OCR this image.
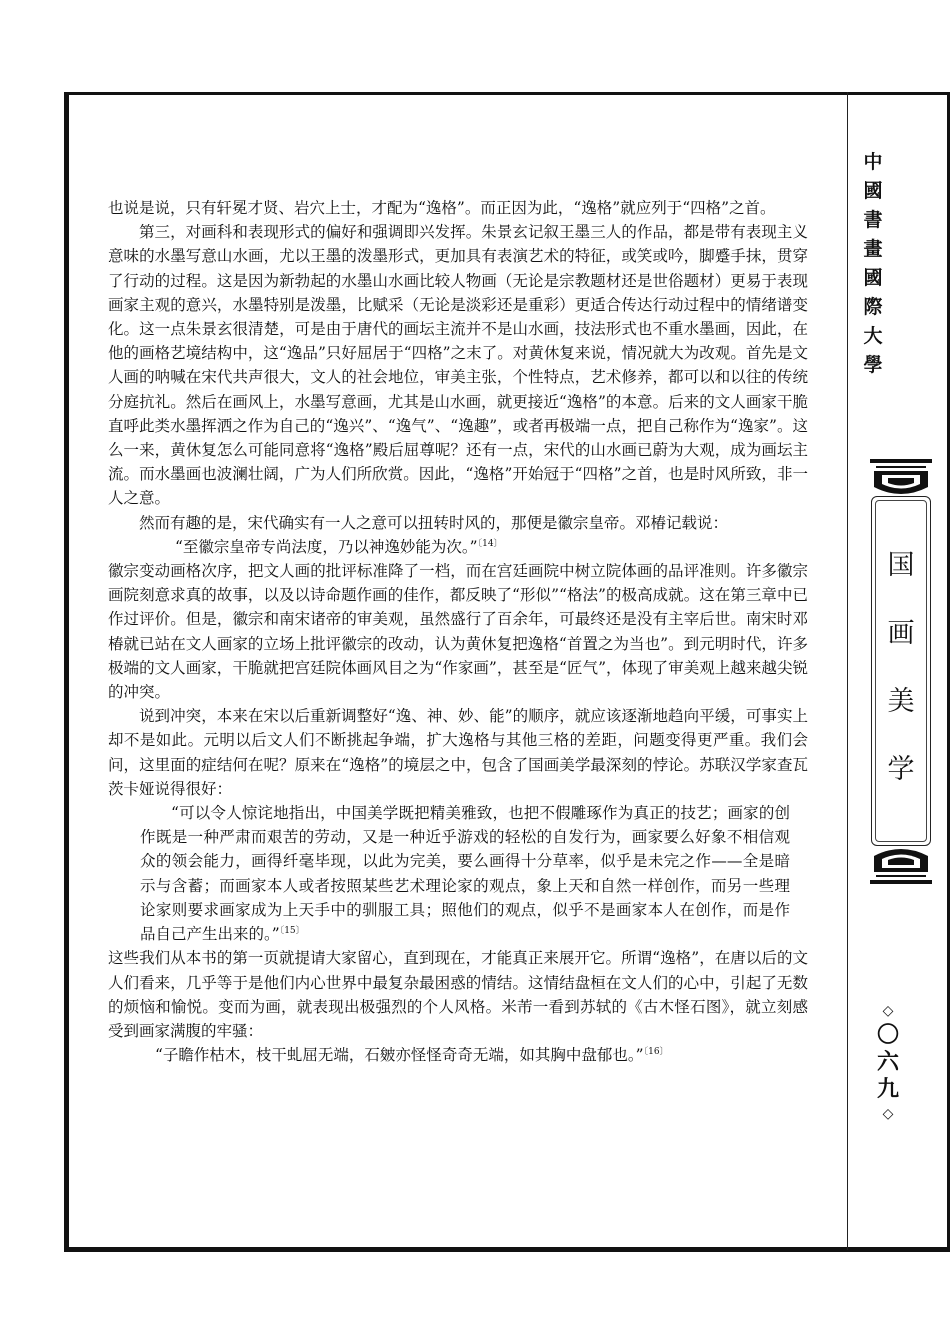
也说是说，只有轩冕才贤、岩穴上士，才配为“逸格”。而正因为此，“逸格”就应列于“四格”之首。

第三，对画科和表现形式的偏好和强调即兴发挥。朱景玄记叙王墨三人的作品，都是带有表现主义意味的水墨写意山水画，尤以王墨的泼墨形式，更加具有表演艺术的特征，或笑或吟，脚蹙手抹，贯穿了行动的过程。这是因为新勃起的水墨山水画比较人物画（无论是宗教题材还是世俗题材）更易于表现画家主观的意兴，水墨特别是泼墨，比赋采（无论是淡彩还是重彩）更适合传达行动过程中的情绪谱变化。这一点朱景玄很清楚，可是由于唐代的画坛主流并不是山水画，技法形式也不重水墨画，因此，在他的画格艺境结构中，这“逸品”只好屈居于“四格”之末了。对黄休复来说，情况就大为改观。首先是文人画的呐喊在宋代共声很大，文人的社会地位，审美主张，个性特点，艺术修养，都可以和以往的传统分庭抗礼。然后在画风上，水墨写意画，尤其是山水画，就更接近“逸格”的本意。后来的文人画家干脆直呼此类水墨挥洒之作为自己的“逸兴”、“逸气”、“逸趣”，或者再极端一点，把自己称作为“逸家”。这么一来，黄休复怎么可能同意将“逸格”殿后屈尊呢？还有一点，宋代的山水画已蔚为大观，成为画坛主流。而水墨画也波澜壮阔，广为人们所欣赏。因此，“逸格”开始冠于“四格”之首，也是时风所致，非一人之意。

然而有趣的是，宋代确实有一人之意可以扭转时风的，那便是徽宗皇帝。邓椿记载说：

“至徽宗皇帝专尚法度，乃以神逸妙能为次。”$^{〔14〕}$

徽宗变动画格次序，把文人画的批评标准降了一档，而在宫廷画院中树立院体画的品评准则。许多徽宗画院刻意求真的故事，以及以诗命题作画的佳作，都反映了“形似”“格法”的极高成就。这在第三章中已作过评价。但是，徽宗和南宋诸帝的审美观，虽然盛行了百余年，可最终还是没有主宰后世。南宋时邓椿就已站在文人画家的立场上批评徽宗的改动，认为黄休复把逸格“首置之为当也”。到元明时代，许多极端的文人画家，干脆就把宫廷院体画风目之为“作家画”，甚至是“匠气”，体现了审美观上越来越尖锐的冲突。

说到冲突，本来在宋以后重新调整好“逸、神、妙、能”的顺序，就应该逐渐地趋向平缓，可事实上却不是如此。元明以后文人们不断挑起争端，扩大逸格与其他三格的差距，问题变得更严重。我们会问，这里面的症结何在呢？原来在“逸格”的境层之中，包含了国画美学最深刻的悖论。苏联汉学家查瓦茨卡娅说得很好：

“可以令人惊诧地指出，中国美学既把精美雅致，也把不假雕琢作为真正的技艺；画家的创作既是一种严肃而艰苦的劳动，又是一种近乎游戏的轻松的自发行为，画家要么好象不相信观众的领会能力，画得纤毫毕现，以此为完美，要么画得十分草率，似乎是未完之作——全是暗示与含蓄；而画家本人或者按照某些艺术理论家的观点，象上天和自然一样创作，而另一些理论家则要求画家成为上天手中的驯服工具；照他们的观点，似乎不是画家本人在创作，而是作品自己产生出来的。”$^{〔15〕}$

这些我们从本书的第一页就提请大家留心，直到现在，才能真正来展开它。所谓“逸格”，在唐以后的文人们看来，几乎等于是他们内心世界中最复杂最困惑的情结。这情结盘桓在文人们的心中，引起了无数的烦恼和愉悦。变而为画，就表现出极强烈的个人风格。米芾一看到苏轼的《古木怪石图》，就立刻感受到画家满腹的牢骚：

“子瞻作枯木，枝干虬屈无端，石皴亦怪怪奇奇无端，如其胸中盘郁也。”$^{〔16〕}$

中
國
書
畫
國
際
大
學
国
画
美
学
◇
〇
六
九
◇
